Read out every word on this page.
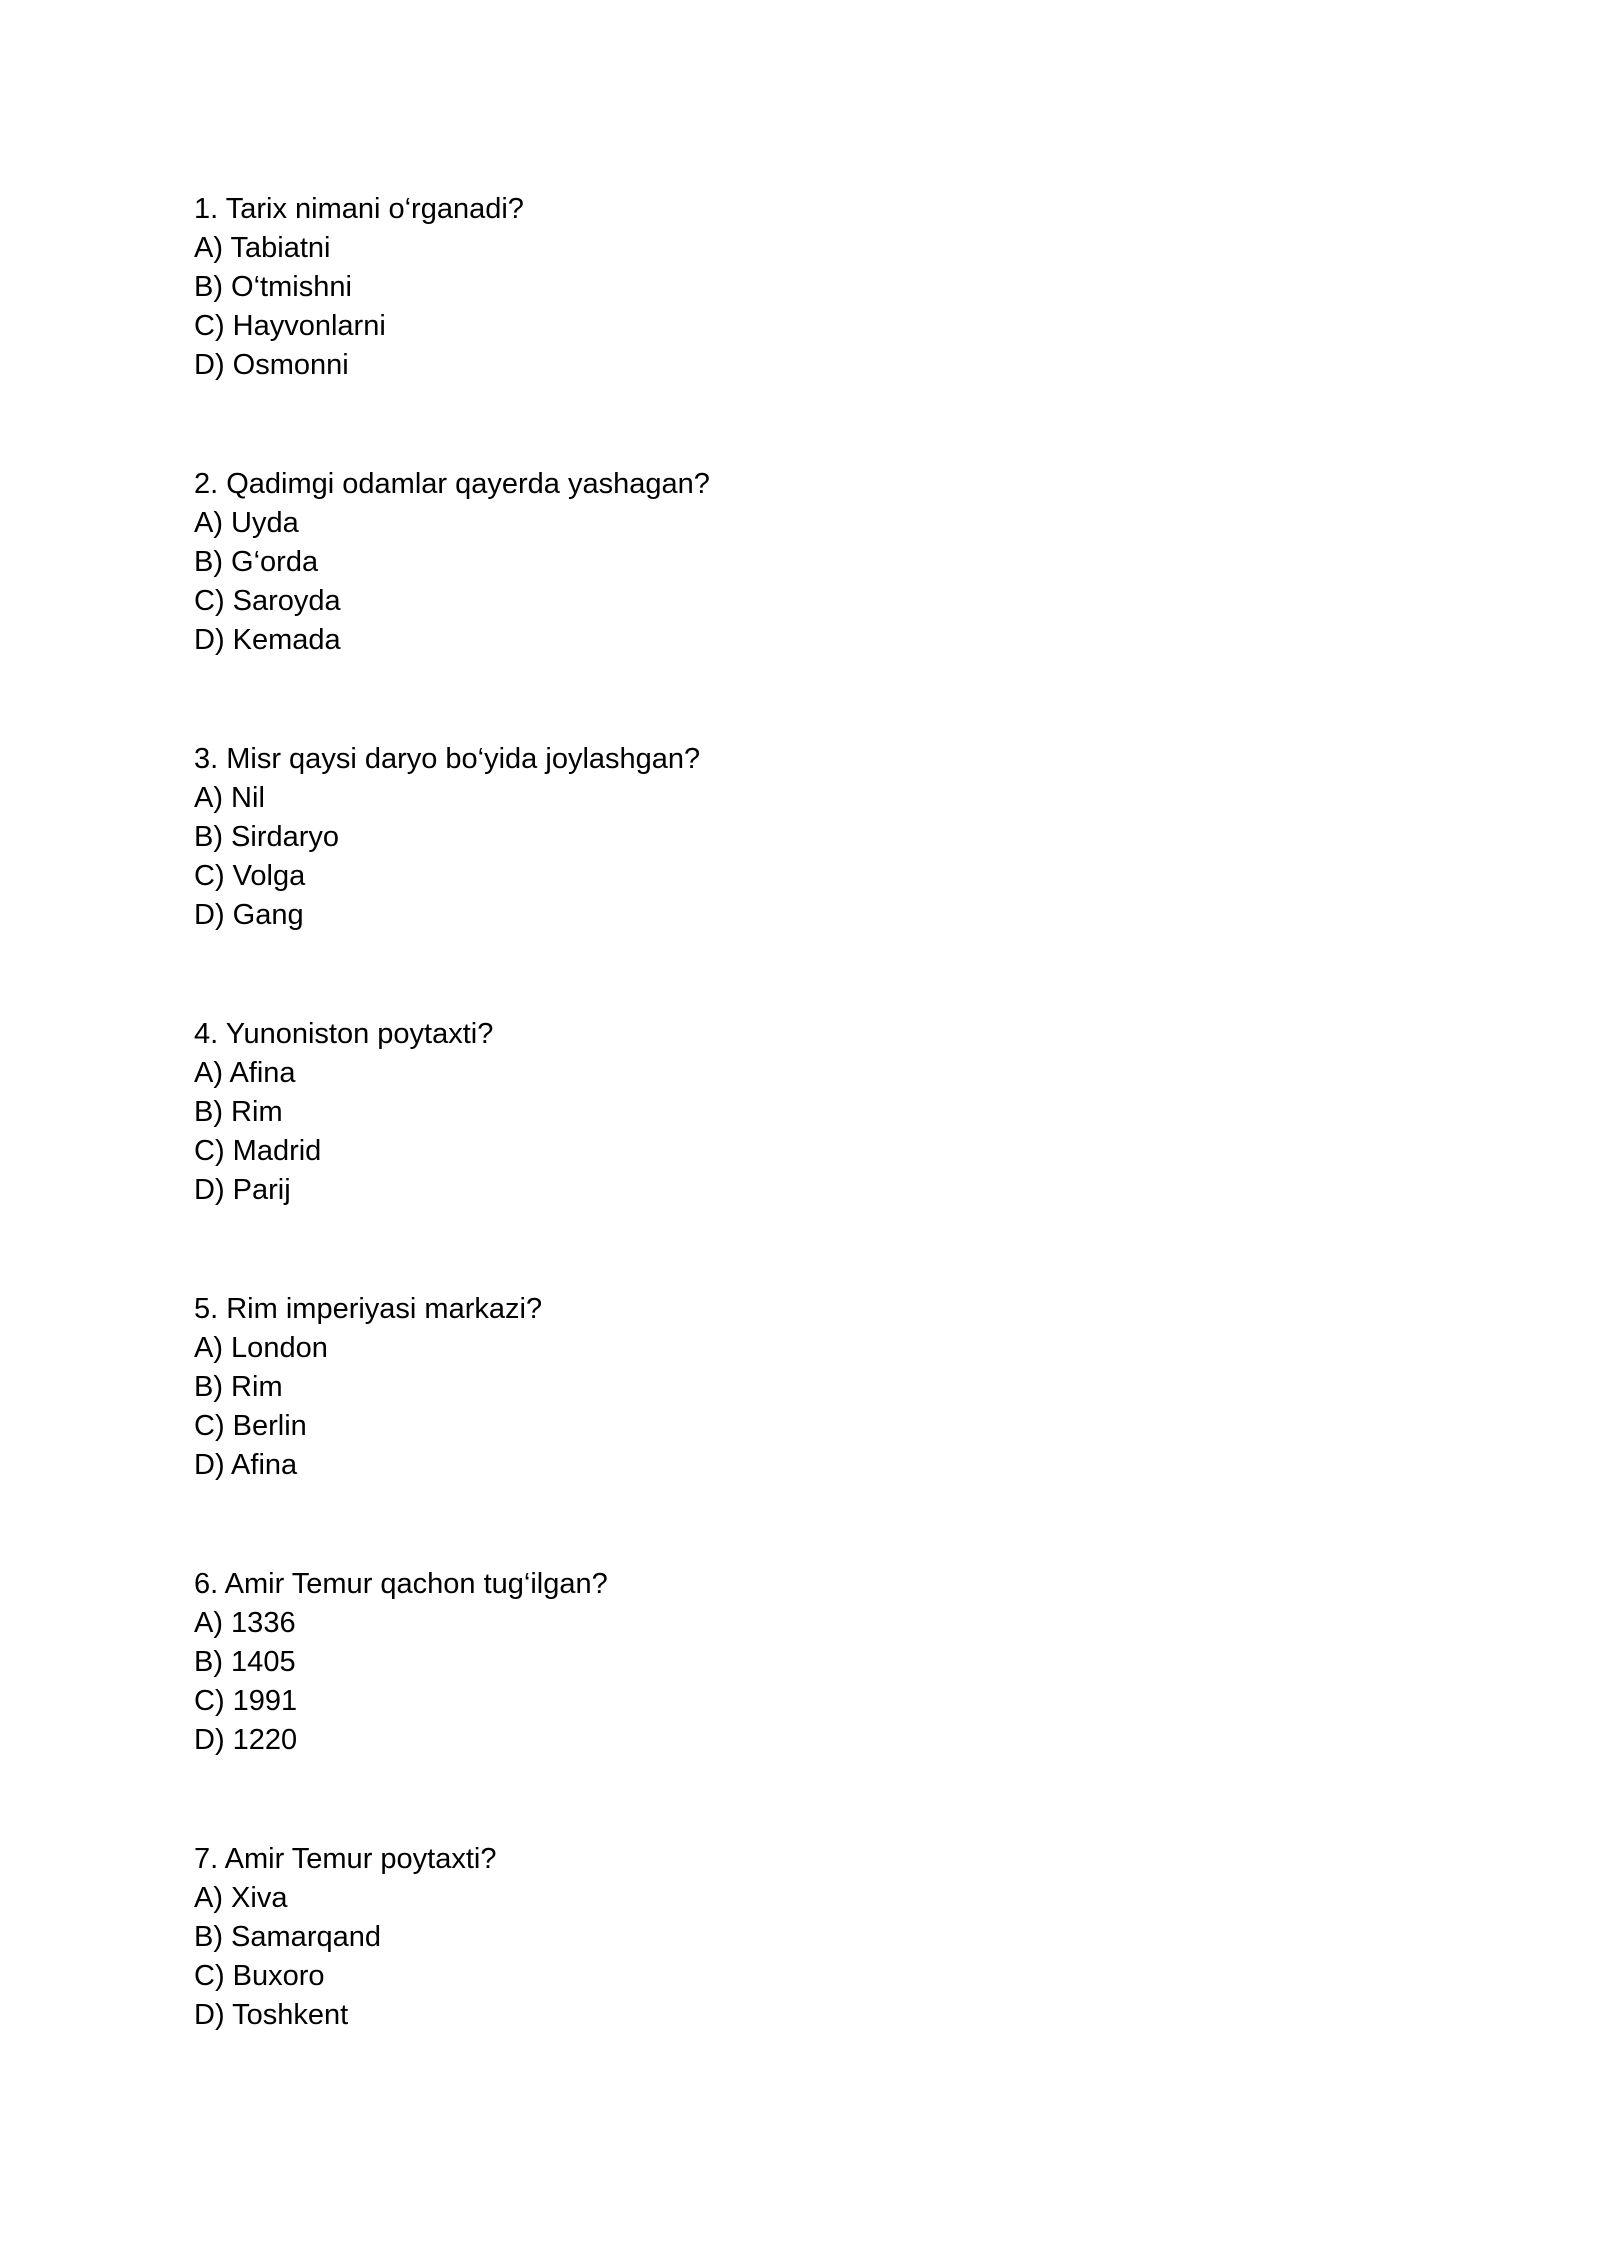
1. Tarix nimani o‘rganadi?
A) Tabiatni
B) O‘tmishni
C) Hayvonlarni
D) Osmonni
2. Qadimgi odamlar qayerda yashagan?
A) Uyda
B) G‘orda
C) Saroyda
D) Kemada
3. Misr qaysi daryo bo‘yida joylashgan?
A) Nil
B) Sirdaryo
C) Volga
D) Gang
4. Yunoniston poytaxti?
A) Afina
B) Rim
C) Madrid
D) Parij
5. Rim imperiyasi markazi?
A) London
B) Rim
C) Berlin
D) Afina
6. Amir Temur qachon tug‘ilgan?
A) 1336
B) 1405
C) 1991
D) 1220
7. Amir Temur poytaxti?
A) Xiva
B) Samarqand
C) Buxoro
D) Toshkent
